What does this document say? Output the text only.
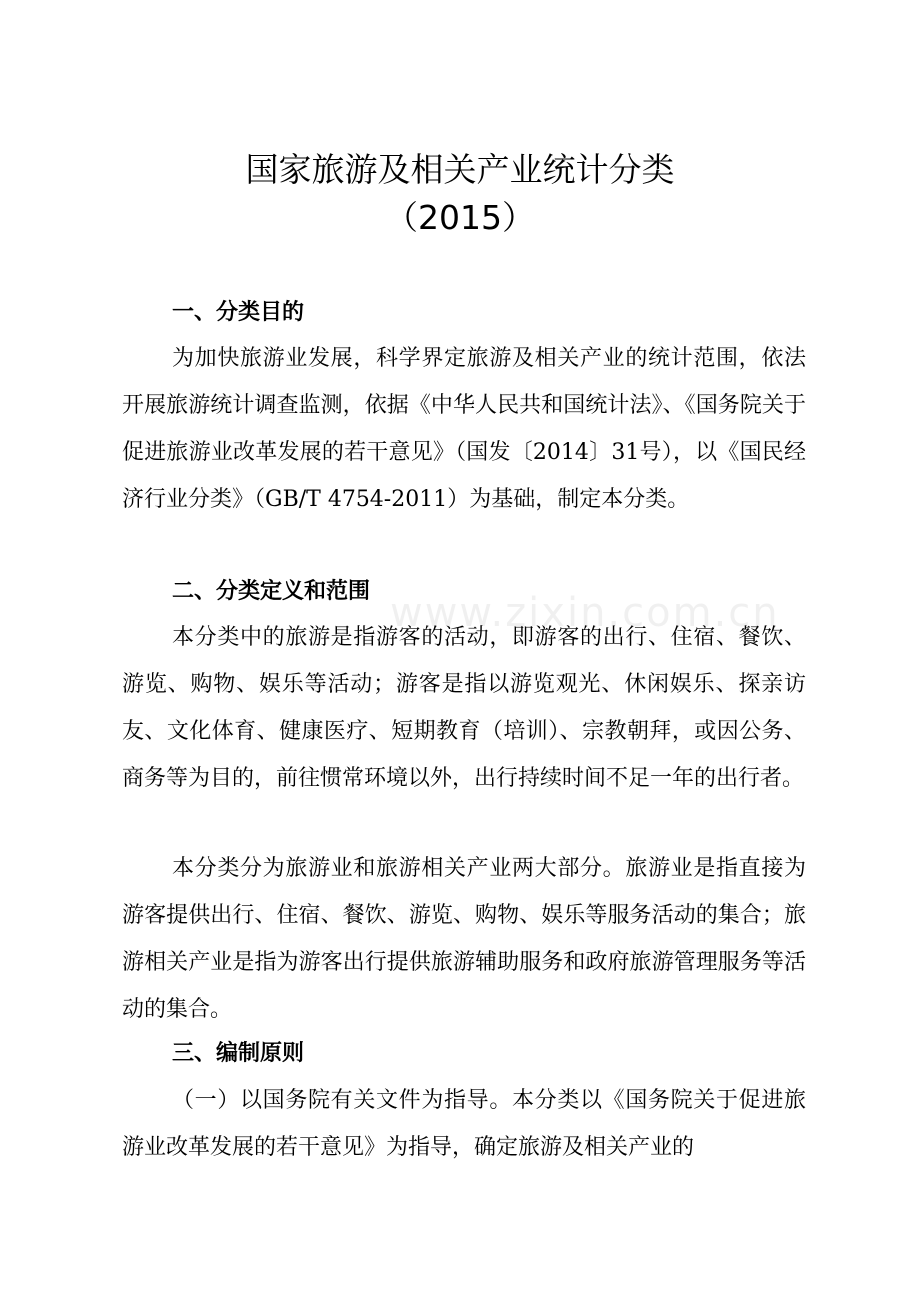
国家旅游及相关产业统计分类
（2015）
一、分类目的

为加快旅游业发展，科学界定旅游及相关产业的统计范围，依法开展旅游统计调查监测，依据《中华人民共和国统计法》、《国务院关于促进旅游业改革发展的若干意见》（国发〔2014〕31号），以《国民经济行业分类》（GB/T 4754-2011）为基础，制定本分类。

二、分类定义和范围

本分类中的旅游是指游客的活动，即游客的出行、住宿、餐饮、游览、购物、娱乐等活动；游客是指以游览观光、休闲娱乐、探亲访友、文化体育、健康医疗、短期教育（培训）、宗教朝拜，或因公务、商务等为目的，前往惯常环境以外，出行持续时间不足一年的出行者。

本分类分为旅游业和旅游相关产业两大部分。旅游业是指直接为游客提供出行、住宿、餐饮、游览、购物、娱乐等服务活动的集合；旅游相关产业是指为游客出行提供旅游辅助服务和政府旅游管理服务等活动的集合。

三、编制原则

（一）以国务院有关文件为指导。本分类以《国务院关于促进旅游业改革发展的若干意见》为指导，确定旅游及相关产业的

www.zixin.com.cn
